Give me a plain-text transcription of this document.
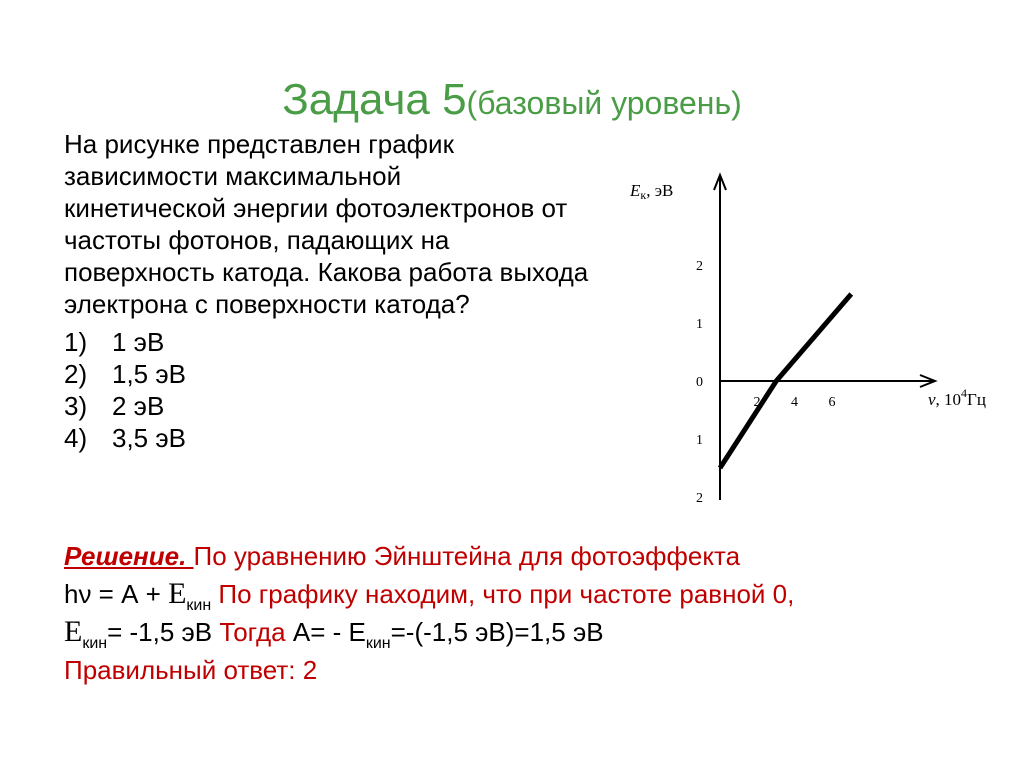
Задача 5(базовый уровень)
На рисунке представлен график
зависимости максимальной
кинетической энергии фотоэлектронов от
частоты фотонов, падающих на
поверхность катода. Какова работа выхода
электрона с поверхности катода?
1) 1 эВ
2) 1,5 эВ
3) 2 эВ
4) 3,5 эВ
Eк, эВ
ν, $10^4Гц$
2
1
0
1
2
2 4 6
Решение. По уравнению Эйнштейна для фотоэффекта
$h\nu = А + Е_{кин}$ По графику находим, что при частоте равной 0,
$Е_{кин}= -1,5$ эВ Тогда $А= - Е_{кин}=-(-1,5$ эВ)=1,5 эВ
Правильный ответ: 2
